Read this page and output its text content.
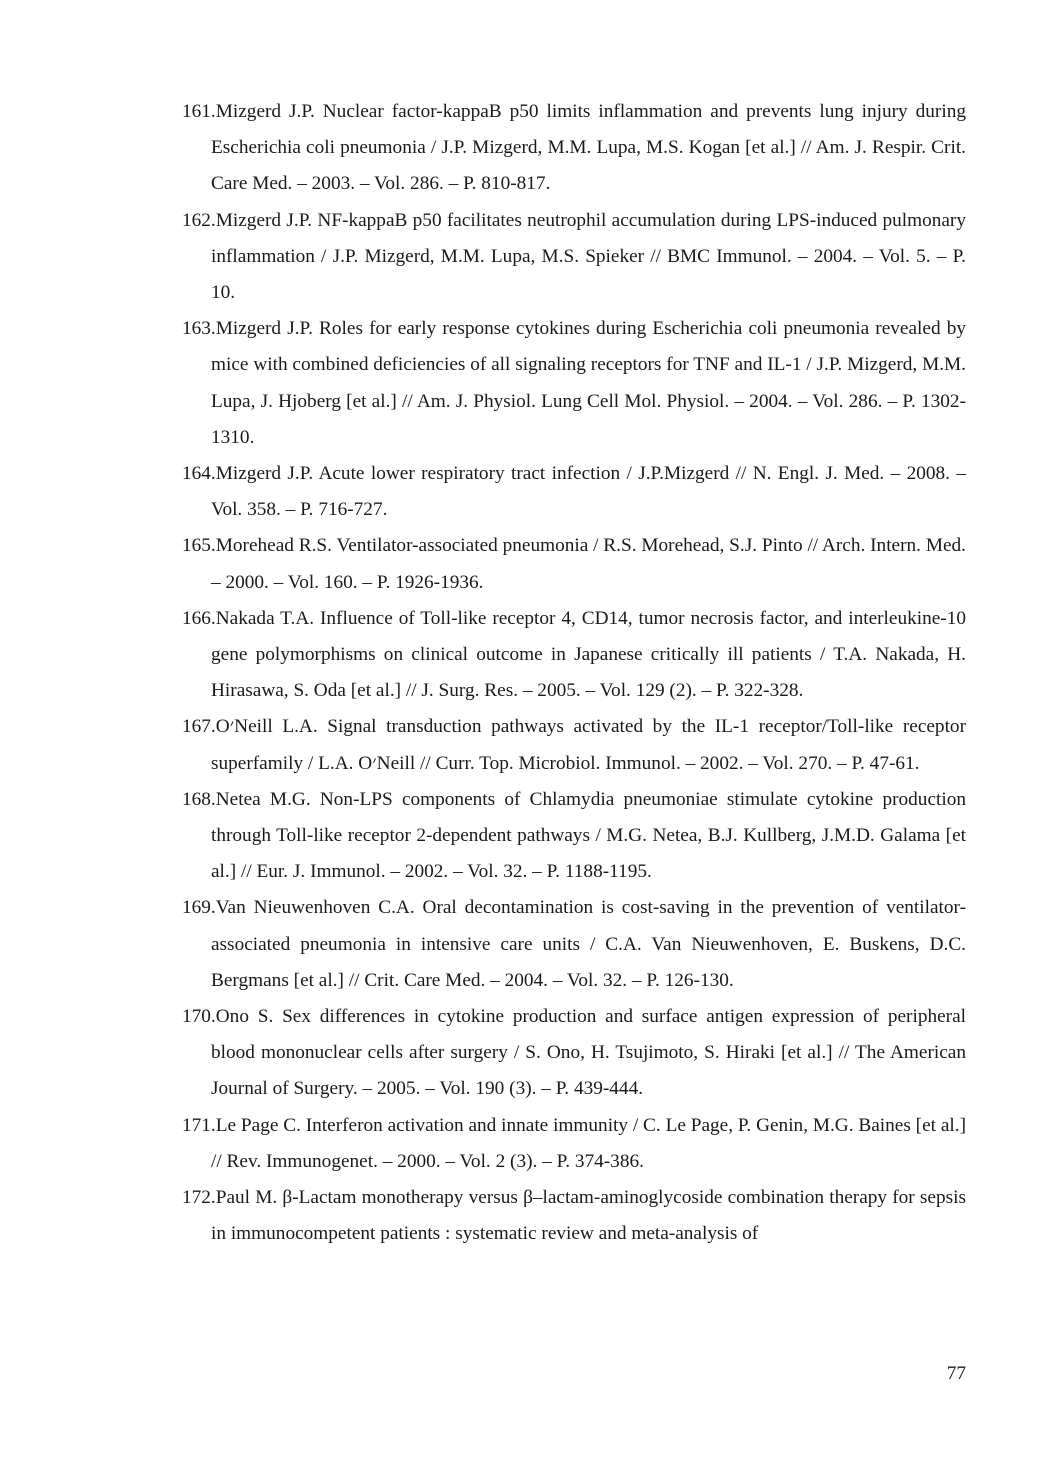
161.Mizgerd J.P. Nuclear factor-kappaB p50 limits inflammation and prevents lung injury during Escherichia coli pneumonia / J.P. Mizgerd, M.M. Lupa, M.S. Kogan [et al.] // Am. J. Respir. Crit. Care Med. – 2003. – Vol. 286. – P. 810-817.
162.Mizgerd J.P. NF-kappaB p50 facilitates neutrophil accumulation during LPS-induced pulmonary inflammation / J.P. Mizgerd, M.M. Lupa, M.S. Spieker // BMC Immunol. – 2004. – Vol. 5. – P. 10.
163.Mizgerd J.P. Roles for early response cytokines during Escherichia coli pneumonia revealed by mice with combined deficiencies of all signaling receptors for TNF and IL-1 / J.P. Mizgerd, M.M. Lupa, J. Hjoberg [et al.] // Am. J. Physiol. Lung Cell Mol. Physiol. – 2004. – Vol. 286. – P. 1302-1310.
164.Mizgerd J.P. Acute lower respiratory tract infection / J.P.Mizgerd // N. Engl. J. Med. – 2008. – Vol. 358. – P. 716-727.
165.Morehead R.S. Ventilator-associated pneumonia / R.S. Morehead, S.J. Pinto // Arch. Intern. Med. – 2000. – Vol. 160. – P. 1926-1936.
166.Nakada T.A. Influence of Toll-like receptor 4, CD14, tumor necrosis factor, and interleukine-10 gene polymorphisms on clinical outcome in Japanese critically ill patients / T.A. Nakada, H. Hirasawa, S. Oda [et al.] // J. Surg. Res. – 2005. – Vol. 129 (2). – P. 322-328.
167.O׳Neill L.A. Signal transduction pathways activated by the IL-1 receptor/Toll-like receptor superfamily / L.A. O׳Neill // Curr. Top. Microbiol. Immunol. – 2002. – Vol. 270. – P. 47-61.
168.Netea M.G. Non-LPS components of Chlamydia pneumoniae stimulate cytokine production through Toll-like receptor 2-dependent pathways / M.G. Netea, B.J. Kullberg, J.M.D. Galama [et al.] // Eur. J. Immunol. – 2002. – Vol. 32. – P. 1188-1195.
169.Van Nieuwenhoven C.A. Oral decontamination is cost-saving in the prevention of ventilator-associated pneumonia in intensive care units / C.A. Van Nieuwenhoven, E. Buskens, D.C. Bergmans [et al.] // Crit. Care Med. – 2004. – Vol. 32. – P. 126-130.
170.Ono S. Sex differences in cytokine production and surface antigen expression of peripheral blood mononuclear cells after surgery / S. Ono, H. Tsujimoto, S. Hiraki [et al.] // The American Journal of Surgery. – 2005. – Vol. 190 (3). – P. 439-444.
171.Le Page C. Interferon activation and innate immunity / C. Le Page, P. Genin, M.G. Baines [et al.] // Rev. Immunogenet. – 2000. – Vol. 2 (3). – P. 374-386.
172.Paul M. β-Lactam monotherapy versus β–lactam-aminoglycoside combination therapy for sepsis in immunocompetent patients : systematic review and meta-analysis of
77
